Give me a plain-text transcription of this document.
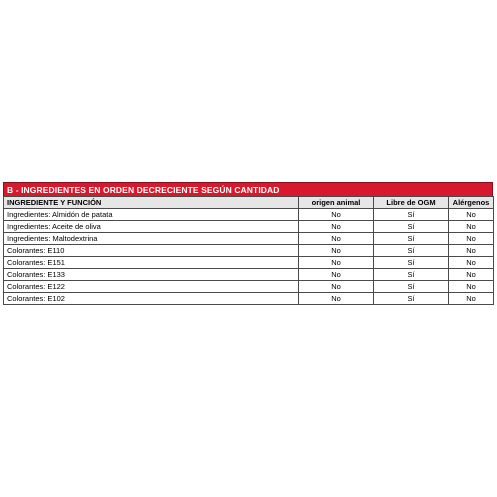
B - INGREDIENTES EN ORDEN DECRECIENTE SEGÚN CANTIDAD
INGREDIENTE Y FUNCIÓN	origen animal	Libre de OGM	Alérgenos
Ingredientes: Almidón de patata	No	Sí	No
Ingredientes: Aceite de oliva	No	Sí	No
Ingredientes: Maltodextrina	No	Sí	No
Colorantes: E110	No	Sí	No
Colorantes: E151	No	Sí	No
Colorantes: E133	No	Sí	No
Colorantes: E122	No	Sí	No
Colorantes: E102	No	Sí	No
